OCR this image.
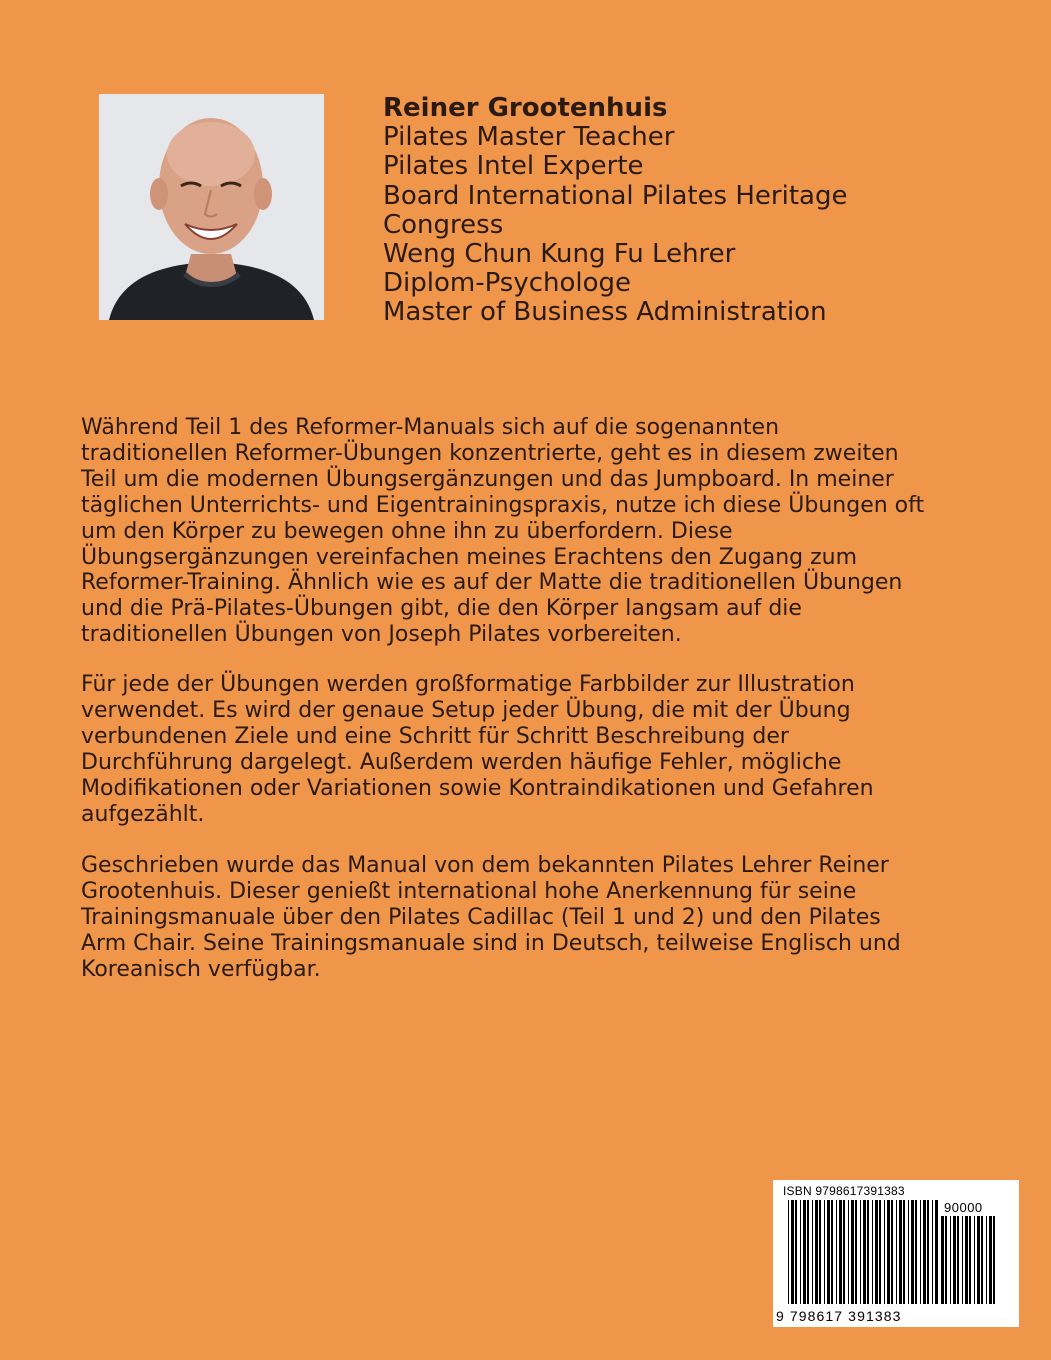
Reiner Grootenhuis
Pilates Master Teacher
Pilates Intel Experte
Board International Pilates Heritage
Congress
Weng Chun Kung Fu Lehrer
Diplom-Psychologe
Master of Business Administration
Während Teil 1 des Reformer-Manuals sich auf die sogenannten
traditionellen Reformer-Übungen konzentrierte, geht es in diesem zweiten
Teil um die modernen Übungsergänzungen und das Jumpboard. In meiner
täglichen Unterrichts- und Eigentrainingspraxis, nutze ich diese Übungen oft
um den Körper zu bewegen ohne ihn zu überfordern. Diese
Übungsergänzungen vereinfachen meines Erachtens den Zugang zum
Reformer-Training. Ähnlich wie es auf der Matte die traditionellen Übungen
und die Prä-Pilates-Übungen gibt, die den Körper langsam auf die
traditionellen Übungen von Joseph Pilates vorbereiten.
Für jede der Übungen werden großformatige Farbbilder zur Illustration
verwendet. Es wird der genaue Setup jeder Übung, die mit der Übung
verbundenen Ziele und eine Schritt für Schritt Beschreibung der
Durchführung dargelegt. Außerdem werden häufige Fehler, mögliche
Modifikationen oder Variationen sowie Kontraindikationen und Gefahren
aufgezählt.
Geschrieben wurde das Manual von dem bekannten Pilates Lehrer Reiner
Grootenhuis. Dieser genießt international hohe Anerkennung für seine
Trainingsmanuale über den Pilates Cadillac (Teil 1 und 2) und den Pilates
Arm Chair. Seine Trainingsmanuale sind in Deutsch, teilweise Englisch und
Koreanisch verfügbar.
ISBN 9798617391383
90000
9 798617 391383
